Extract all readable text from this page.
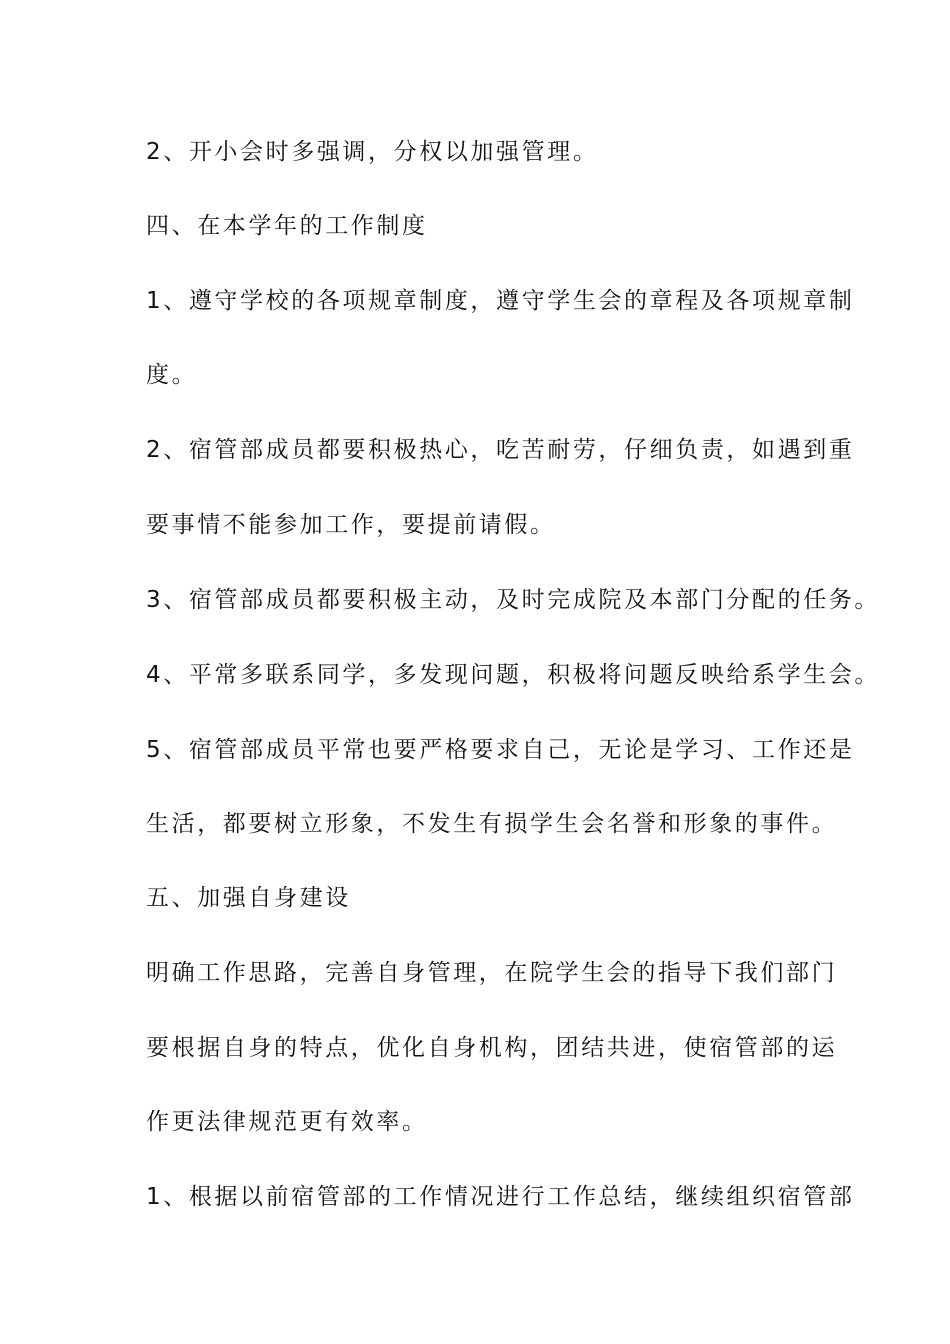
2、开小会时多强调，分权以加强管理。
四、在本学年的工作制度
1、遵守学校的各项规章制度，遵守学生会的章程及各项规章制
度。
2、宿管部成员都要积极热心，吃苦耐劳，仔细负责，如遇到重
要事情不能参加工作，要提前请假。
3、宿管部成员都要积极主动，及时完成院及本部门分配的任务。
4、平常多联系同学，多发现问题，积极将问题反映给系学生会。
5、宿管部成员平常也要严格要求自己，无论是学习、工作还是
生活，都要树立形象，不发生有损学生会名誉和形象的事件。
五、加强自身建设
明确工作思路，完善自身管理，在院学生会的指导下我们部门
要根据自身的特点，优化自身机构，团结共进，使宿管部的运
作更法律规范更有效率。
1、根据以前宿管部的工作情况进行工作总结，继续组织宿管部
